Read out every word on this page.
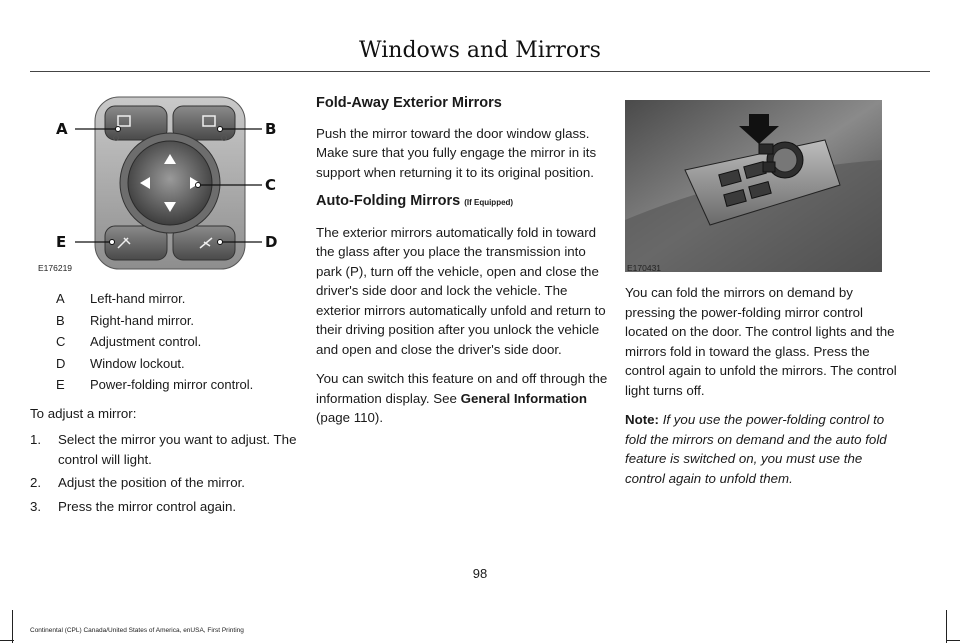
Windows and Mirrors
A	B
C
E	D
E176219
A	Left-hand mirror.
B	Right-hand mirror.
C	Adjustment control.
D	Window lockout.
E	Power-folding mirror control.
To adjust a mirror:
1.	Select the mirror you want to adjust. The control will light.
2.	Adjust the position of the mirror.
3.	Press the mirror control again.
Fold-Away Exterior Mirrors

Push the mirror toward the door window glass. Make sure that you fully engage the mirror in its support when returning it to its original position.

Auto-Folding Mirrors (If Equipped)

The exterior mirrors automatically fold in toward the glass after you place the transmission into park (P), turn off the vehicle, open and close the driver's side door and lock the vehicle. The exterior mirrors automatically unfold and return to their driving position after you unlock the vehicle and open and close the driver's side door.

You can switch this feature on and off through the information display. See General Information (page 110).

E170431

You can fold the mirrors on demand by pressing the power-folding mirror control located on the door. The control lights and the mirrors fold in toward the glass. Press the control again to unfold the mirrors. The control light turns off.

Note: If you use the power-folding control to fold the mirrors on demand and the auto fold feature is switched on, you must use the control again to unfold them.

98
Continental (CPL) Canada/United States of America, enUSA, First Printing
